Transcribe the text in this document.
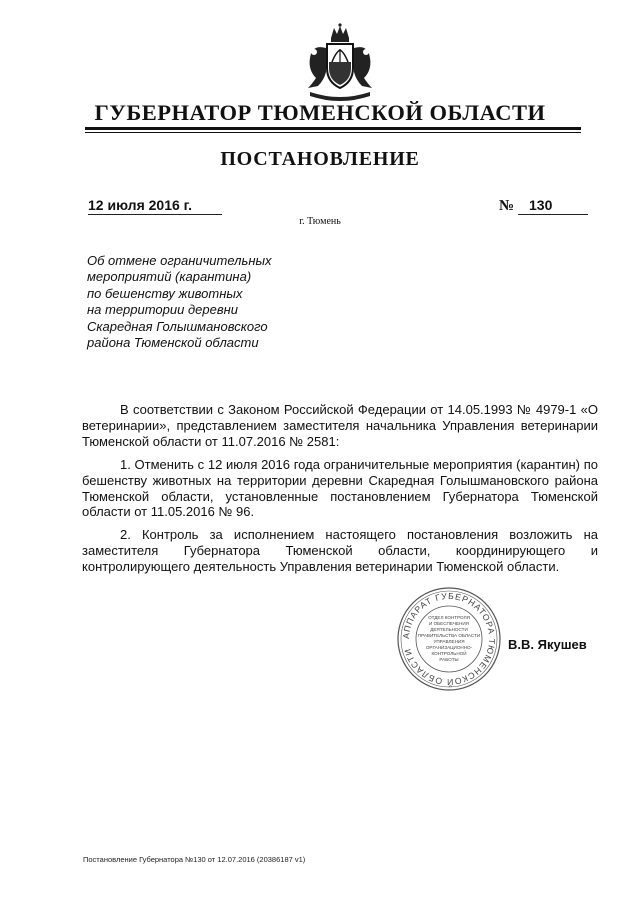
ГУБЕРНАТОР ТЮМЕНСКОЙ ОБЛАСТИ
ПОСТАНОВЛЕНИЕ
12 июля 2016 г.	№ 130
г. Тюмень
Об отмене ограничительных
мероприятий (карантина)
по бешенству животных
на территории деревни
Скаредная Голышмановского
района Тюменской области

В соответствии с Законом Российской Федерации от 14.05.1993 № 4979-1 «О ветеринарии», представлением заместителя начальника Управления ветеринарии Тюменской области от 11.07.2016 № 2581:

1. Отменить с 12 июля 2016 года ограничительные мероприятия (карантин) по бешенству животных на территории деревни Скаредная Голышмановского района Тюменской области, установленные постановлением Губернатора Тюменской области от 11.05.2016 № 96.

2. Контроль за исполнением настоящего постановления возложить на заместителя Губернатора Тюменской области, координирующего и контролирующего деятельность Управления ветеринарии Тюменской области.

АППАРАТ ГУБЕРНАТОРА ТЮМЕНСКОЙ ОБЛАСТИ
ОТДЕЛ КОНТРОЛЯ
И ОБЕСПЕЧЕНИЯ
ДЕЯТЕЛЬНОСТИ
ПРАВИТЕЛЬСТВА ОБЛАСТИ
УПРАВЛЕНИЯ
ОРГАНИЗАЦИОННО-
КОНТРОЛЬНОЙ
РАБОТЫ
В.В. Якушев
Постановление Губернатора №130 от 12.07.2016 (20386187 v1)
